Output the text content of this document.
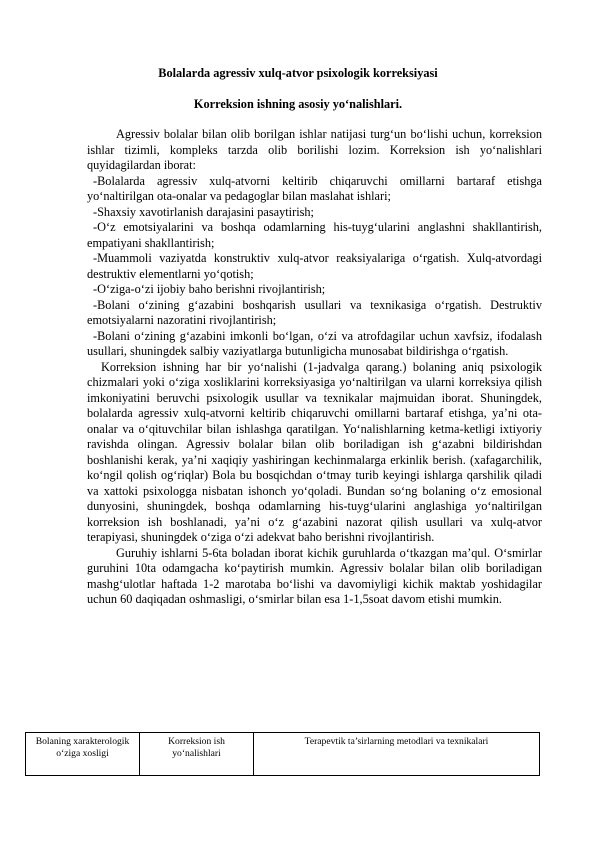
Bolalarda agressiv xulq-atvor psixologik korreksiyasi
Korreksion ishning asosiy yo‘nalishlari.

Agressiv bolalar bilan olib borilgan ishlar natijasi turg‘un bo‘lishi uchun, korreksion ishlar tizimli, kompleks tarzda olib borilishi lozim. Korreksion ish yo‘nalishlari quyidagilardan iborat:

-Bolalarda agressiv xulq-atvorni keltirib chiqaruvchi omillarni bartaraf etishga yo‘naltirilgan ota-onalar va pedagoglar bilan maslahat ishlari;

-Shaxsiy xavotirlanish darajasini pasaytirish;

-O‘z emotsiyalarini va boshqa odamlarning his-tuyg‘ularini anglashni shakllantirish, empatiyani shakllantirish;

-Muammoli vaziyatda konstruktiv xulq-atvor reaksiyalariga o‘rgatish. Xulq-atvordagi destruktiv elementlarni yo‘qotish;

-O‘ziga-o‘zi ijobiy baho berishni rivojlantirish;

-Bolani o‘zining g‘azabini boshqarish usullari va texnikasiga o‘rgatish. Destruktiv emotsiyalarni nazoratini rivojlantirish;

-Bolani o‘zining g‘azabini imkonli bo‘lgan, o‘zi va atrofdagilar uchun xavfsiz, ifodalash usullari, shuningdek salbiy vaziyatlarga butunligicha munosabat bildirishga o‘rgatish.

Korreksion ishning har bir yo‘nalishi (1-jadvalga qarang.) bolaning aniq psixologik chizmalari yoki o‘ziga xosliklarini korreksiyasiga yo‘naltirilgan va ularni korreksiya qilish imkoniyatini beruvchi psixologik usullar va texnikalar majmuidan iborat. Shuningdek, bolalarda agressiv xulq-atvorni keltirib chiqaruvchi omillarni bartaraf etishga, ya’ni ota-onalar va o‘qituvchilar bilan ishlashga qaratilgan. Yo‘nalishlarning ketma-ketligi ixtiyoriy ravishda olingan. Agressiv bolalar bilan olib boriladigan ish g‘azabni bildirishdan boshlanishi kerak, ya’ni xaqiqiy yashiringan kechinmalarga erkinlik berish. (xafagarchilik, ko‘ngil qolish og‘riqlar) Bola bu bosqichdan o‘tmay turib keyingi ishlarga qarshilik qiladi va xattoki psixologga nisbatan ishonch yo‘qoladi. Bundan so‘ng bolaning o‘z emosional dunyosini, shuningdek, boshqa odamlarning his-tuyg‘ularini anglashiga yo‘naltirilgan korreksion ish boshlanadi, ya’ni o‘z g‘azabini nazorat qilish usullari va xulq-atvor terapiyasi, shuningdek o‘ziga o‘zi adekvat baho berishni rivojlantirish.

Guruhiy ishlarni 5-6ta boladan iborat kichik guruhlarda o‘tkazgan ma’qul. O‘smirlar guruhini 10ta odamgacha ko‘paytirish mumkin. Agressiv bolalar bilan olib boriladigan mashg‘ulotlar haftada 1-2 marotaba bo‘lishi va davomiyligi kichik maktab yoshidagilar uchun 60 daqiqadan oshmasligi, o‘smirlar bilan esa 1-1,5soat davom etishi mumkin.

Bolaning xarakterologik o‘ziga xosligi	Korreksion ish yo‘nalishlari	Terapevtik ta’sirlarning metodlari va texnikalari
